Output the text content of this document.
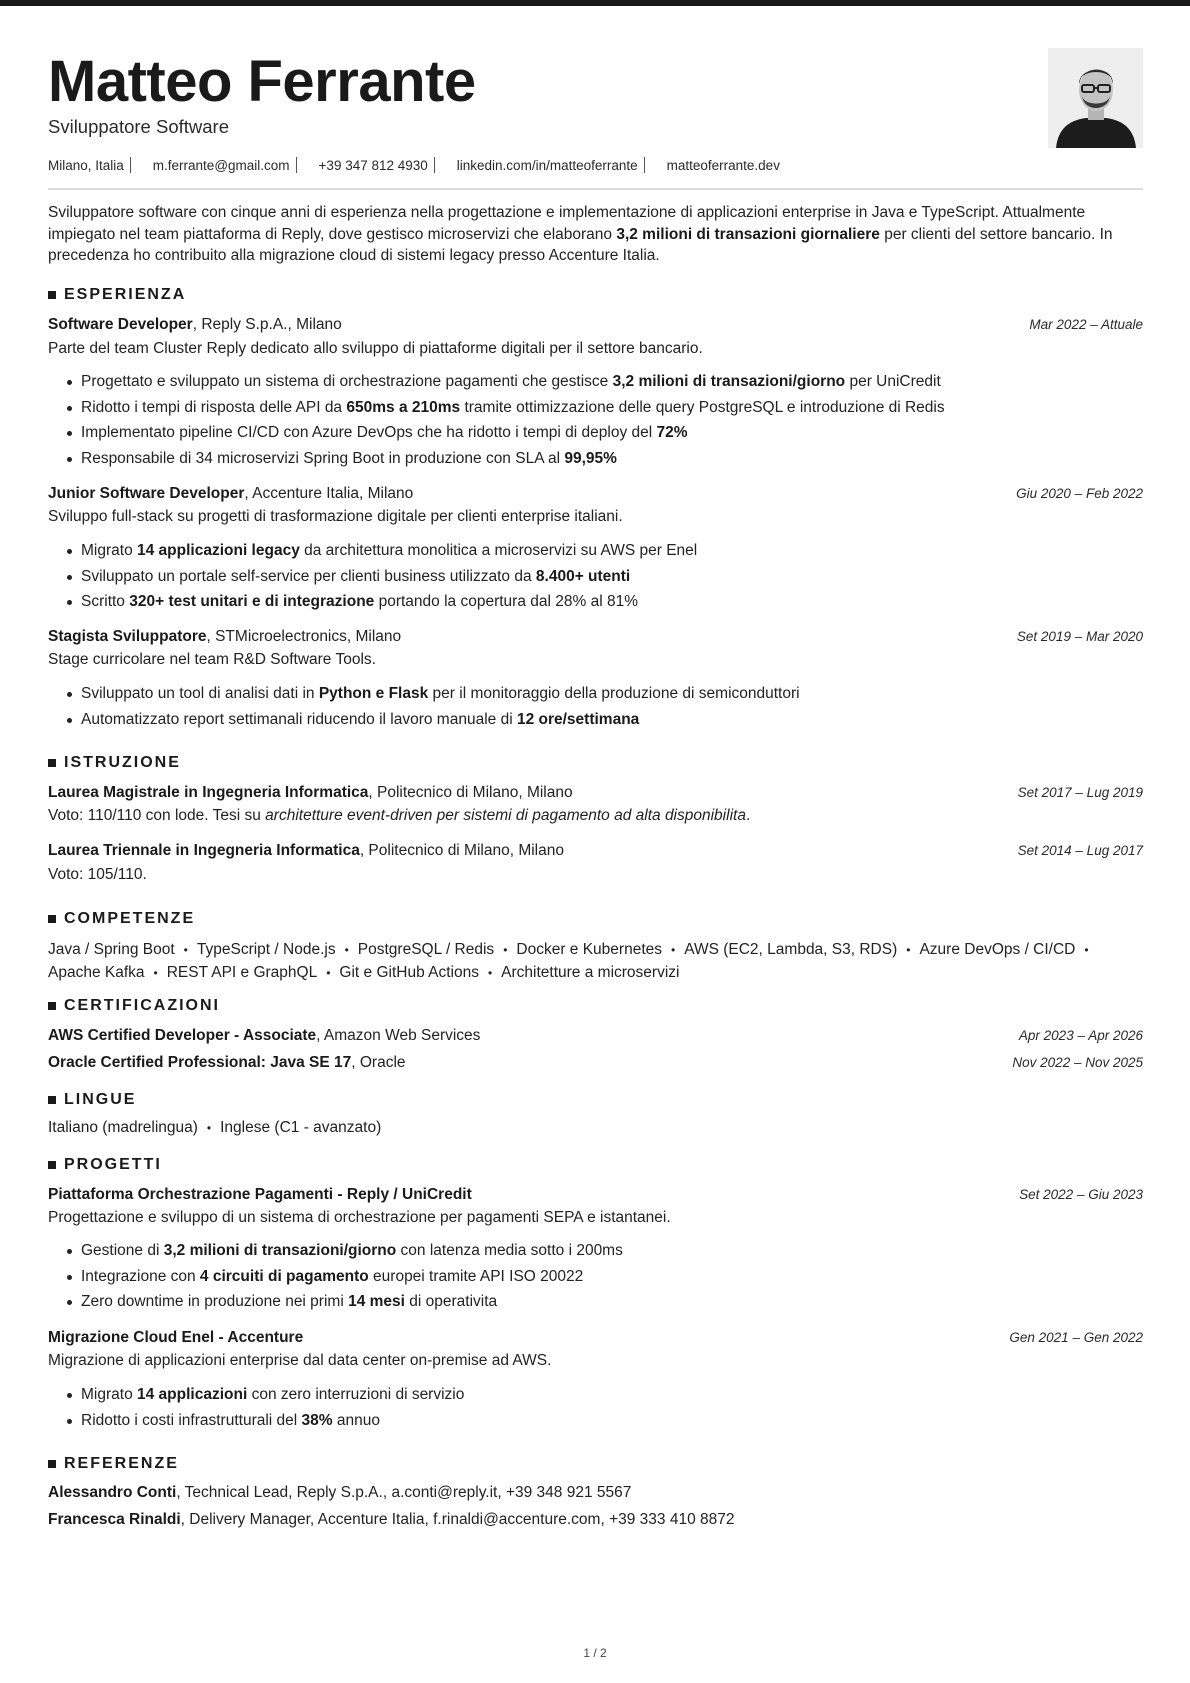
Matteo Ferrante
Sviluppatore Software
Milano, Italia m.ferrante@gmail.com +39 347 812 4930 linkedin.com/in/matteoferrante matteoferrante.dev
Sviluppatore software con cinque anni di esperienza nella progettazione e implementazione di applicazioni enterprise in Java e TypeScript. Attualmente impiegato nel team piattaforma di Reply, dove gestisco microservizi che elaborano 3,2 milioni di transazioni giornaliere per clienti del settore bancario. In precedenza ho contribuito alla migrazione cloud di sistemi legacy presso Accenture Italia.
ESPERIENZA
Software Developer, Reply S.p.A., Milano	Mar 2022 – Attuale
Parte del team Cluster Reply dedicato allo sviluppo di piattaforme digitali per il settore bancario.
Progettato e sviluppato un sistema di orchestrazione pagamenti che gestisce 3,2 milioni di transazioni/giorno per UniCredit
Ridotto i tempi di risposta delle API da 650ms a 210ms tramite ottimizzazione delle query PostgreSQL e introduzione di Redis
Implementato pipeline CI/CD con Azure DevOps che ha ridotto i tempi di deploy del 72%
Responsabile di 34 microservizi Spring Boot in produzione con SLA al 99,95%
Junior Software Developer, Accenture Italia, Milano	Giu 2020 – Feb 2022
Sviluppo full-stack su progetti di trasformazione digitale per clienti enterprise italiani.
Migrato 14 applicazioni legacy da architettura monolitica a microservizi su AWS per Enel
Sviluppato un portale self-service per clienti business utilizzato da 8.400+ utenti
Scritto 320+ test unitari e di integrazione portando la copertura dal 28% al 81%
Stagista Sviluppatore, STMicroelectronics, Milano	Set 2019 – Mar 2020
Stage curricolare nel team R&D Software Tools.
Sviluppato un tool di analisi dati in Python e Flask per il monitoraggio della produzione di semiconduttori
Automatizzato report settimanali riducendo il lavoro manuale di 12 ore/settimana
ISTRUZIONE
Laurea Magistrale in Ingegneria Informatica, Politecnico di Milano, Milano	Set 2017 – Lug 2019
Voto: 110/110 con lode. Tesi su architetture event-driven per sistemi di pagamento ad alta disponibilita.
Laurea Triennale in Ingegneria Informatica, Politecnico di Milano, Milano	Set 2014 – Lug 2017
Voto: 105/110.
COMPETENZE
Java / Spring Boot • TypeScript / Node.js • PostgreSQL / Redis • Docker e Kubernetes • AWS (EC2, Lambda, S3, RDS) • Azure DevOps / CI/CD •Apache Kafka • REST API e GraphQL • Git e GitHub Actions • Architetture a microservizi
CERTIFICAZIONI
AWS Certified Developer - Associate, Amazon Web Services	Apr 2023 – Apr 2026
Oracle Certified Professional: Java SE 17, Oracle	Nov 2022 – Nov 2025
LINGUE
Italiano (madrelingua) • Inglese (C1 - avanzato)
PROGETTI
Piattaforma Orchestrazione Pagamenti - Reply / UniCredit	Set 2022 – Giu 2023
Progettazione e sviluppo di un sistema di orchestrazione per pagamenti SEPA e istantanei.
Gestione di 3,2 milioni di transazioni/giorno con latenza media sotto i 200ms
Integrazione con 4 circuiti di pagamento europei tramite API ISO 20022
Zero downtime in produzione nei primi 14 mesi di operativita
Migrazione Cloud Enel - Accenture	Gen 2021 – Gen 2022
Migrazione di applicazioni enterprise dal data center on-premise ad AWS.
Migrato 14 applicazioni con zero interruzioni di servizio
Ridotto i costi infrastrutturali del 38% annuo
REFERENZE
Alessandro Conti, Technical Lead, Reply S.p.A., a.conti@reply.it, +39 348 921 5567
Francesca Rinaldi, Delivery Manager, Accenture Italia, f.rinaldi@accenture.com, +39 333 410 8872
1 / 2
